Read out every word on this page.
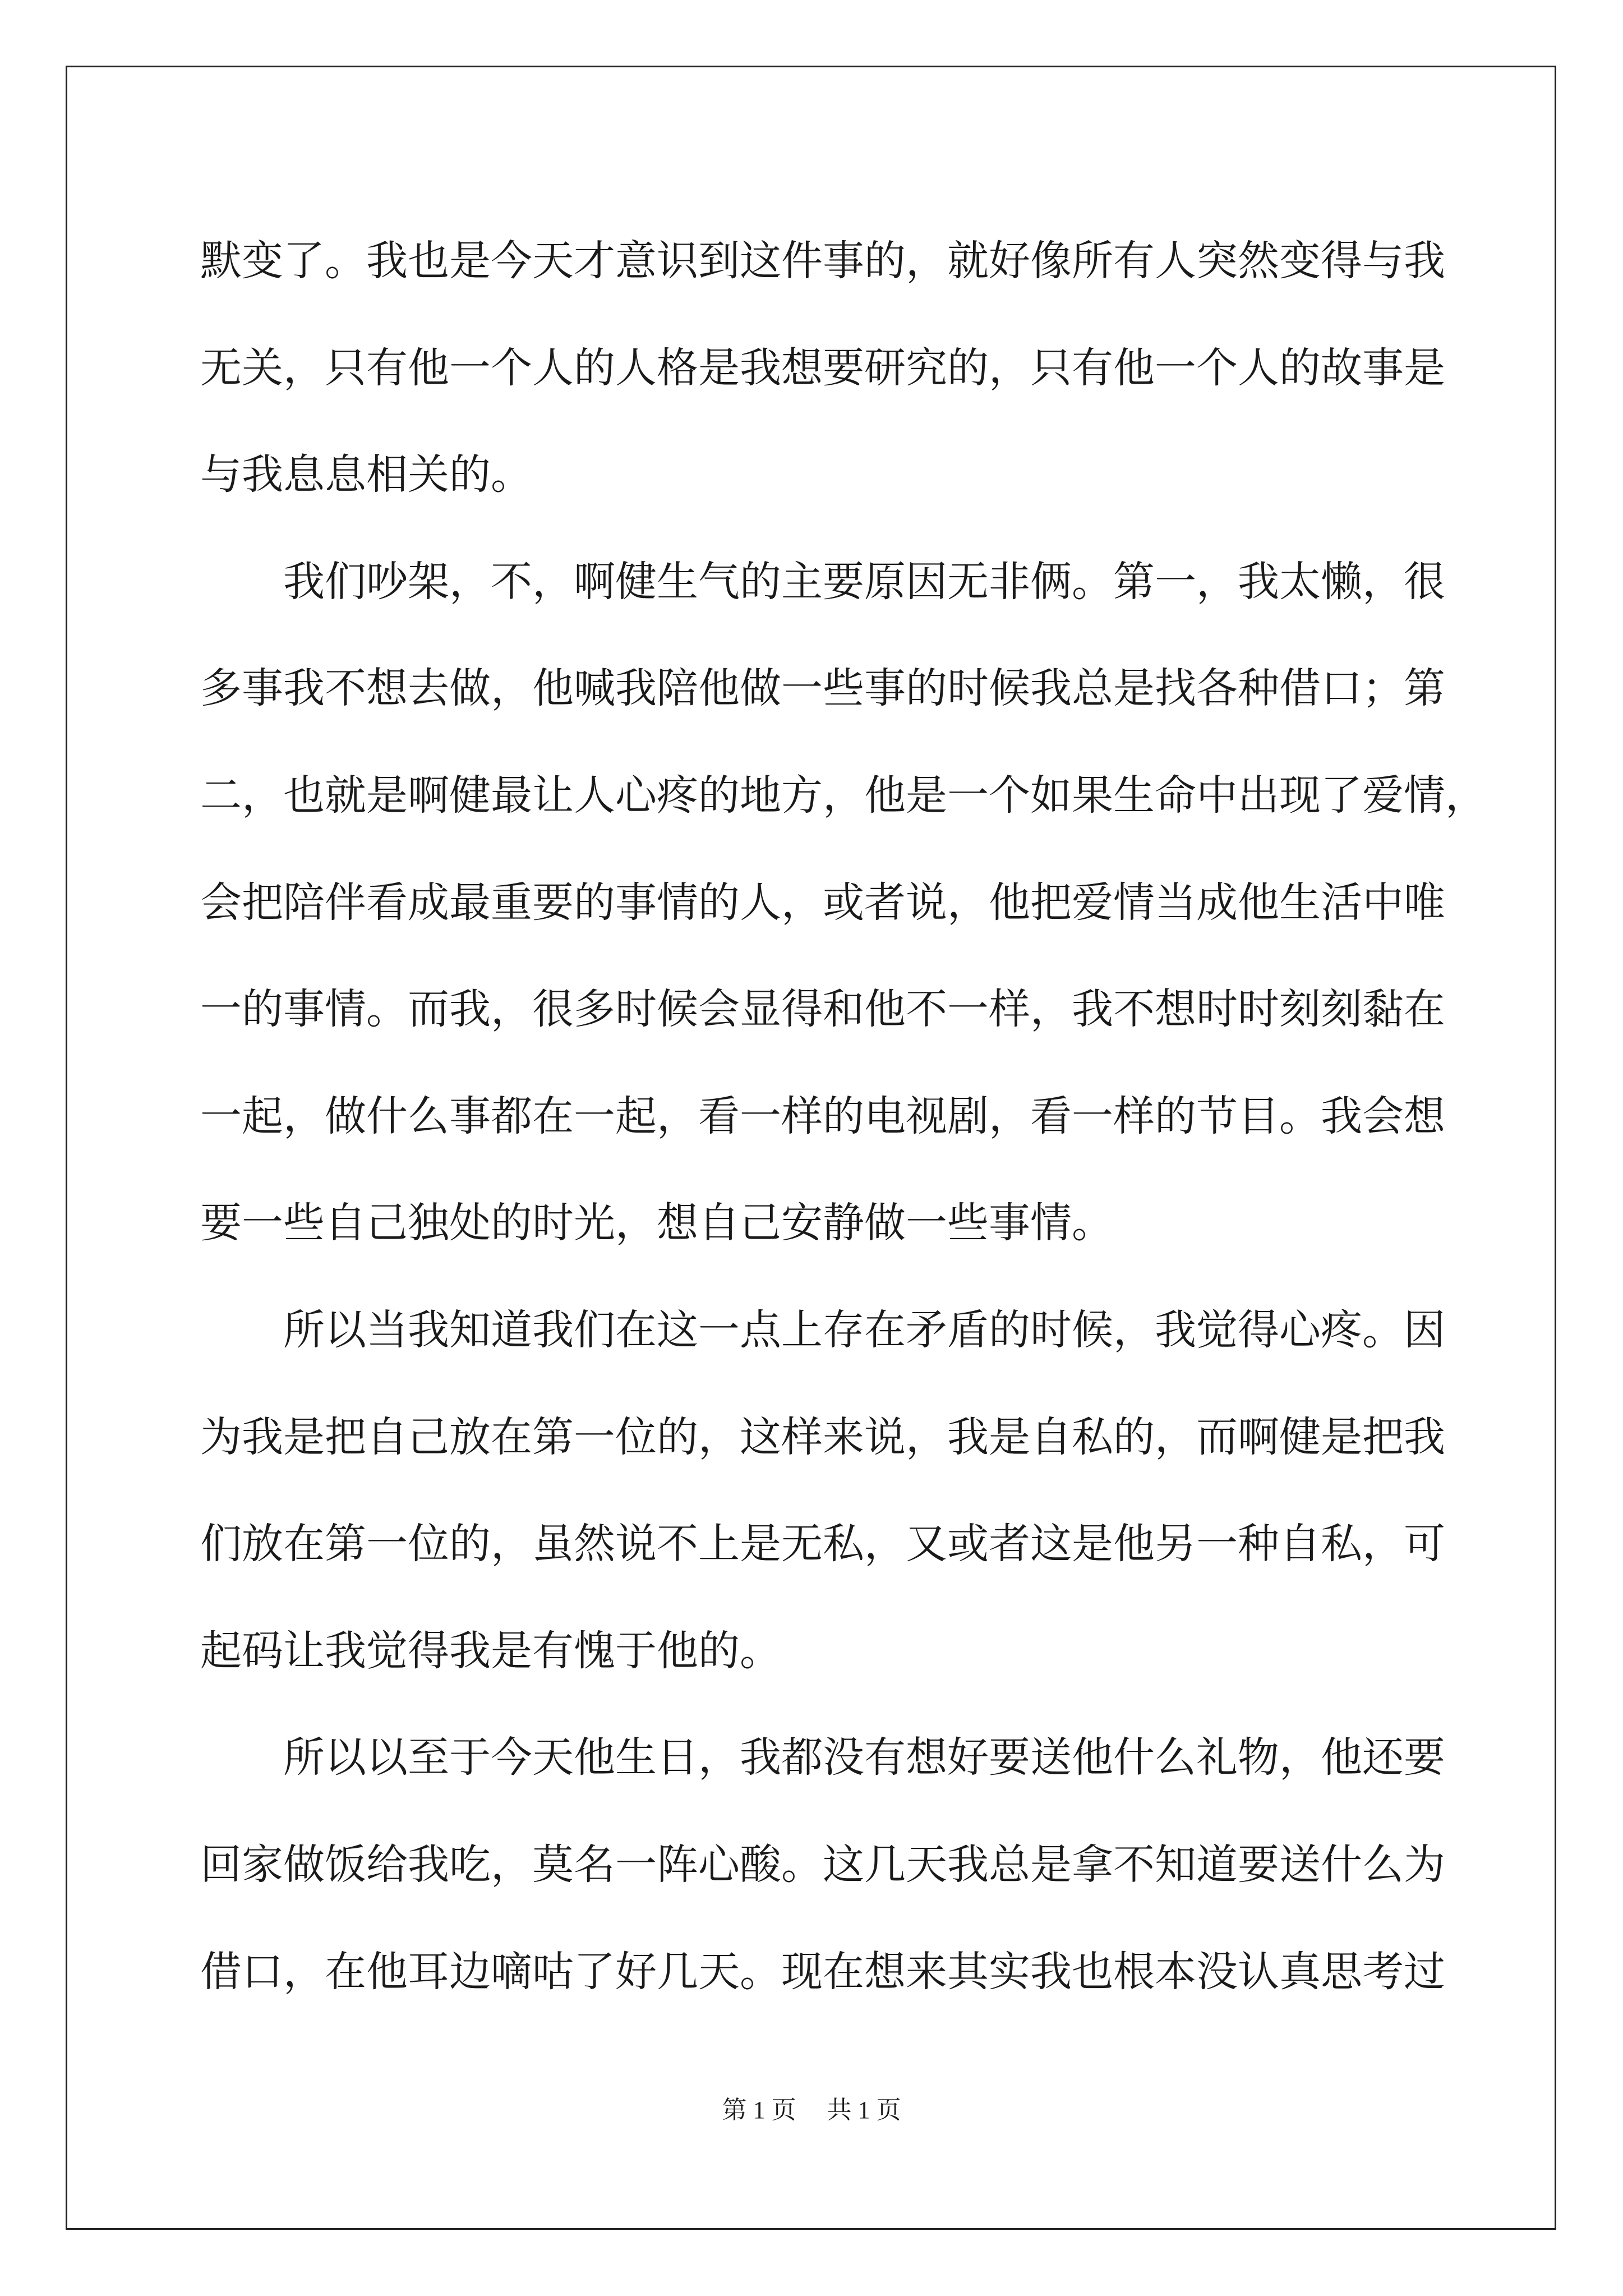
默变了。我也是今天才意识到这件事的，就好像所有人突然变得与我
无关，只有他一个人的人格是我想要研究的，只有他一个人的故事是
与我息息相关的。
　　我们吵架，不，啊健生气的主要原因无非俩。第一，我太懒，很
多事我不想去做，他喊我陪他做一些事的时候我总是找各种借口；第
二，也就是啊健最让人心疼的地方，他是一个如果生命中出现了爱情，
会把陪伴看成最重要的事情的人，或者说，他把爱情当成他生活中唯
一的事情。而我，很多时候会显得和他不一样，我不想时时刻刻黏在
一起，做什么事都在一起，看一样的电视剧，看一样的节目。我会想
要一些自己独处的时光，想自己安静做一些事情。
　　所以当我知道我们在这一点上存在矛盾的时候，我觉得心疼。因
为我是把自己放在第一位的，这样来说，我是自私的，而啊健是把我
们放在第一位的，虽然说不上是无私，又或者这是他另一种自私，可
起码让我觉得我是有愧于他的。
　　所以以至于今天他生日，我都没有想好要送他什么礼物，他还要
回家做饭给我吃，莫名一阵心酸。这几天我总是拿不知道要送什么为
借口，在他耳边嘀咕了好几天。现在想来其实我也根本没认真思考过
第 1 页　 共 1 页
